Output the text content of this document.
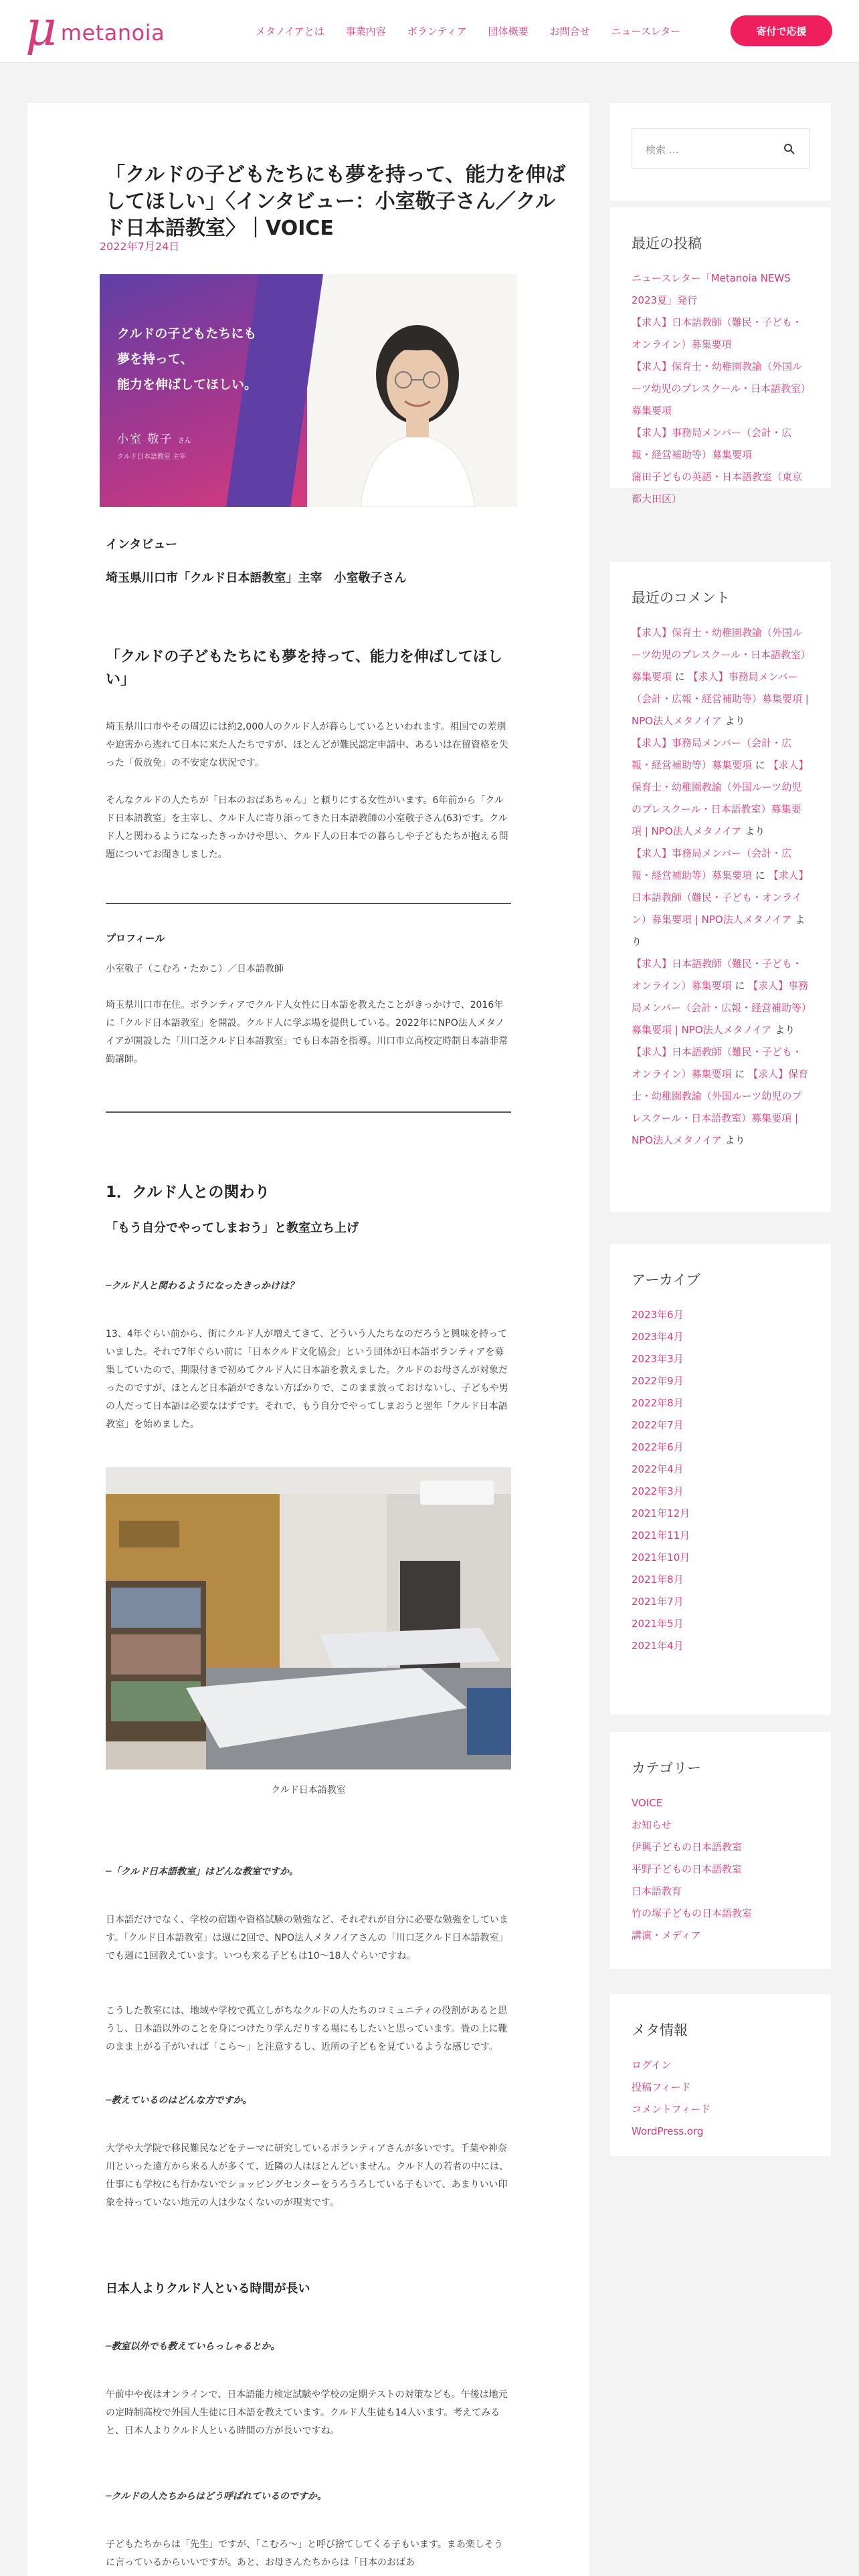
μ metanoia	メタノイアとは 事業内容 ボランティア 団体概要 お問合せ ニュースレター	寄付で応援
「クルドの子どもたちにも夢を持って、能力を伸ばしてほしい」〈インタビュー：小室敬子さん／クルド日本語教室〉｜VOICE
2022年7月24日
クルドの子どもたちにも
夢を持って、
能力を伸ばしてほしい。
小室 敬子 さん
クルド日本語教室 主宰
インタビュー
埼玉県川口市「クルド日本語教室」主宰　小室敬子さん
「クルドの子どもたちにも夢を持って、能力を伸ばしてほしい」

埼玉県川口市やその周辺には約2,000人のクルド人が暮らしているといわれます。祖国での差別や迫害から逃れて日本に来た人たちですが、ほとんどが難民認定申請中、あるいは在留資格を失った「仮放免」の不安定な状況です。

そんなクルドの人たちが「日本のおばあちゃん」と頼りにする女性がいます。6年前から「クルド日本語教室」を主宰し、クルド人に寄り添ってきた日本語教師の小室敬子さん(63)です。クルド人と関わるようになったきっかけや思い、クルド人の日本での暮らしや子どもたちが抱える問題についてお聞きしました。

プロフィール

小室敬子（こむろ・たかこ）／日本語教師

埼玉県川口市在住。ボランティアでクルド人女性に日本語を教えたことがきっかけで、2016年に「クルド日本語教室」を開設。クルド人に学ぶ場を提供している。2022年にNPO法人メタノイアが開設した「川口芝クルド日本語教室」でも日本語を指導。川口市立高校定時制日本語非常勤講師。

1．クルド人との関わり
「もう自分でやってしまおう」と教室立ち上げ
─クルド人と関わるようになったきっかけは？

13、4年ぐらい前から、街にクルド人が増えてきて、どういう人たちなのだろうと興味を持っていました。それで7年ぐらい前に「日本クルド文化協会」という団体が日本語ボランティアを募集していたので、期限付きで初めてクルド人に日本語を教えました。クルドのお母さんが対象だったのですが、ほとんど日本語ができない方ばかりで、このまま放っておけないし、子どもや男の人だって日本語は必要なはずです。それで、もう自分でやってしまおうと翌年「クルド日本語教室」を始めました。

クルド日本語教室
─「クルド日本語教室」はどんな教室ですか。

日本語だけでなく、学校の宿題や資格試験の勉強など、それぞれが自分に必要な勉強をしています。「クルド日本語教室」は週に2回で、NPO法人メタノイアさんの「川口芝クルド日本語教室」でも週に1回教えています。いつも来る子どもは10〜18人ぐらいですね。

こうした教室には、地域や学校で孤立しがちなクルドの人たちのコミュニティの役割があると思うし、日本語以外のことを身につけたり学んだりする場にもしたいと思っています。畳の上に靴のまま上がる子がいれば「こら～」と注意するし、近所の子どもを見ているような感じです。

─教えているのはどんな方ですか。

大学や大学院で移民難民などをテーマに研究しているボランティアさんが多いです。千葉や神奈川といった遠方から来る人が多くて、近隣の人はほとんどいません。クルド人の若者の中には、仕事にも学校にも行かないでショッピングセンターをうろうろしている子もいて、あまりいい印象を持っていない地元の人は少なくないのが現実です。

日本人よりクルド人といる時間が長い
─教室以外でも教えていらっしゃるとか。

午前中や夜はオンラインで、日本語能力検定試験や学校の定期テストの対策なども。午後は地元の定時制高校で外国人生徒に日本語を教えています。クルド人生徒も14人います。考えてみると、日本人よりクルド人といる時間の方が長いですね。

─クルドの人たちからはどう呼ばれているのですか。

子どもたちからは「先生」ですが、「こむろ～」と呼び捨てしてくる子もいます。まあ楽しそうに言っているからいいですが。あと、お母さんたちからは「日本のおばあ

検索 …
最近の投稿
ニュースレター「Metanoia NEWS 2023夏」発行
【求人】日本語教師（難民・子ども・オンライン）募集要項
【求人】保育士・幼稚園教諭（外国ルーツ幼児のプレスクール・日本語教室）募集要項
【求人】事務局メンバー（会計・広報・経営補助等）募集要項
蒲田子どもの英語・日本語教室（東京都大田区）
最近のコメント
【求人】保育士・幼稚園教諭（外国ルーツ幼児のプレスクール・日本語教室）募集要項 に 【求人】事務局メンバー（会計・広報・経営補助等）募集要項 | NPO法人メタノイア より
【求人】事務局メンバー（会計・広報・経営補助等）募集要項 に 【求人】保育士・幼稚園教諭（外国ルーツ幼児のプレスクール・日本語教室）募集要項 | NPO法人メタノイア より
【求人】事務局メンバー（会計・広報・経営補助等）募集要項 に 【求人】日本語教師（難民・子ども・オンライン）募集要項 | NPO法人メタノイア より
【求人】日本語教師（難民・子ども・オンライン）募集要項 に 【求人】事務局メンバー（会計・広報・経営補助等）募集要項 | NPO法人メタノイア より
【求人】日本語教師（難民・子ども・オンライン）募集要項 に 【求人】保育士・幼稚園教諭（外国ルーツ幼児のプレスクール・日本語教室）募集要項 | NPO法人メタノイア より
アーカイブ
2023年6月
2023年4月
2023年3月
2022年9月
2022年8月
2022年7月
2022年6月
2022年4月
2022年3月
2021年12月
2021年11月
2021年10月
2021年8月
2021年7月
2021年5月
2021年4月
カテゴリー
VOICE
お知らせ
伊興子どもの日本語教室
平野子どもの日本語教室
日本語教育
竹の塚子どもの日本語教室
講演・メディア
メタ情報
ログイン
投稿フィード
コメントフィード
WordPress.org
